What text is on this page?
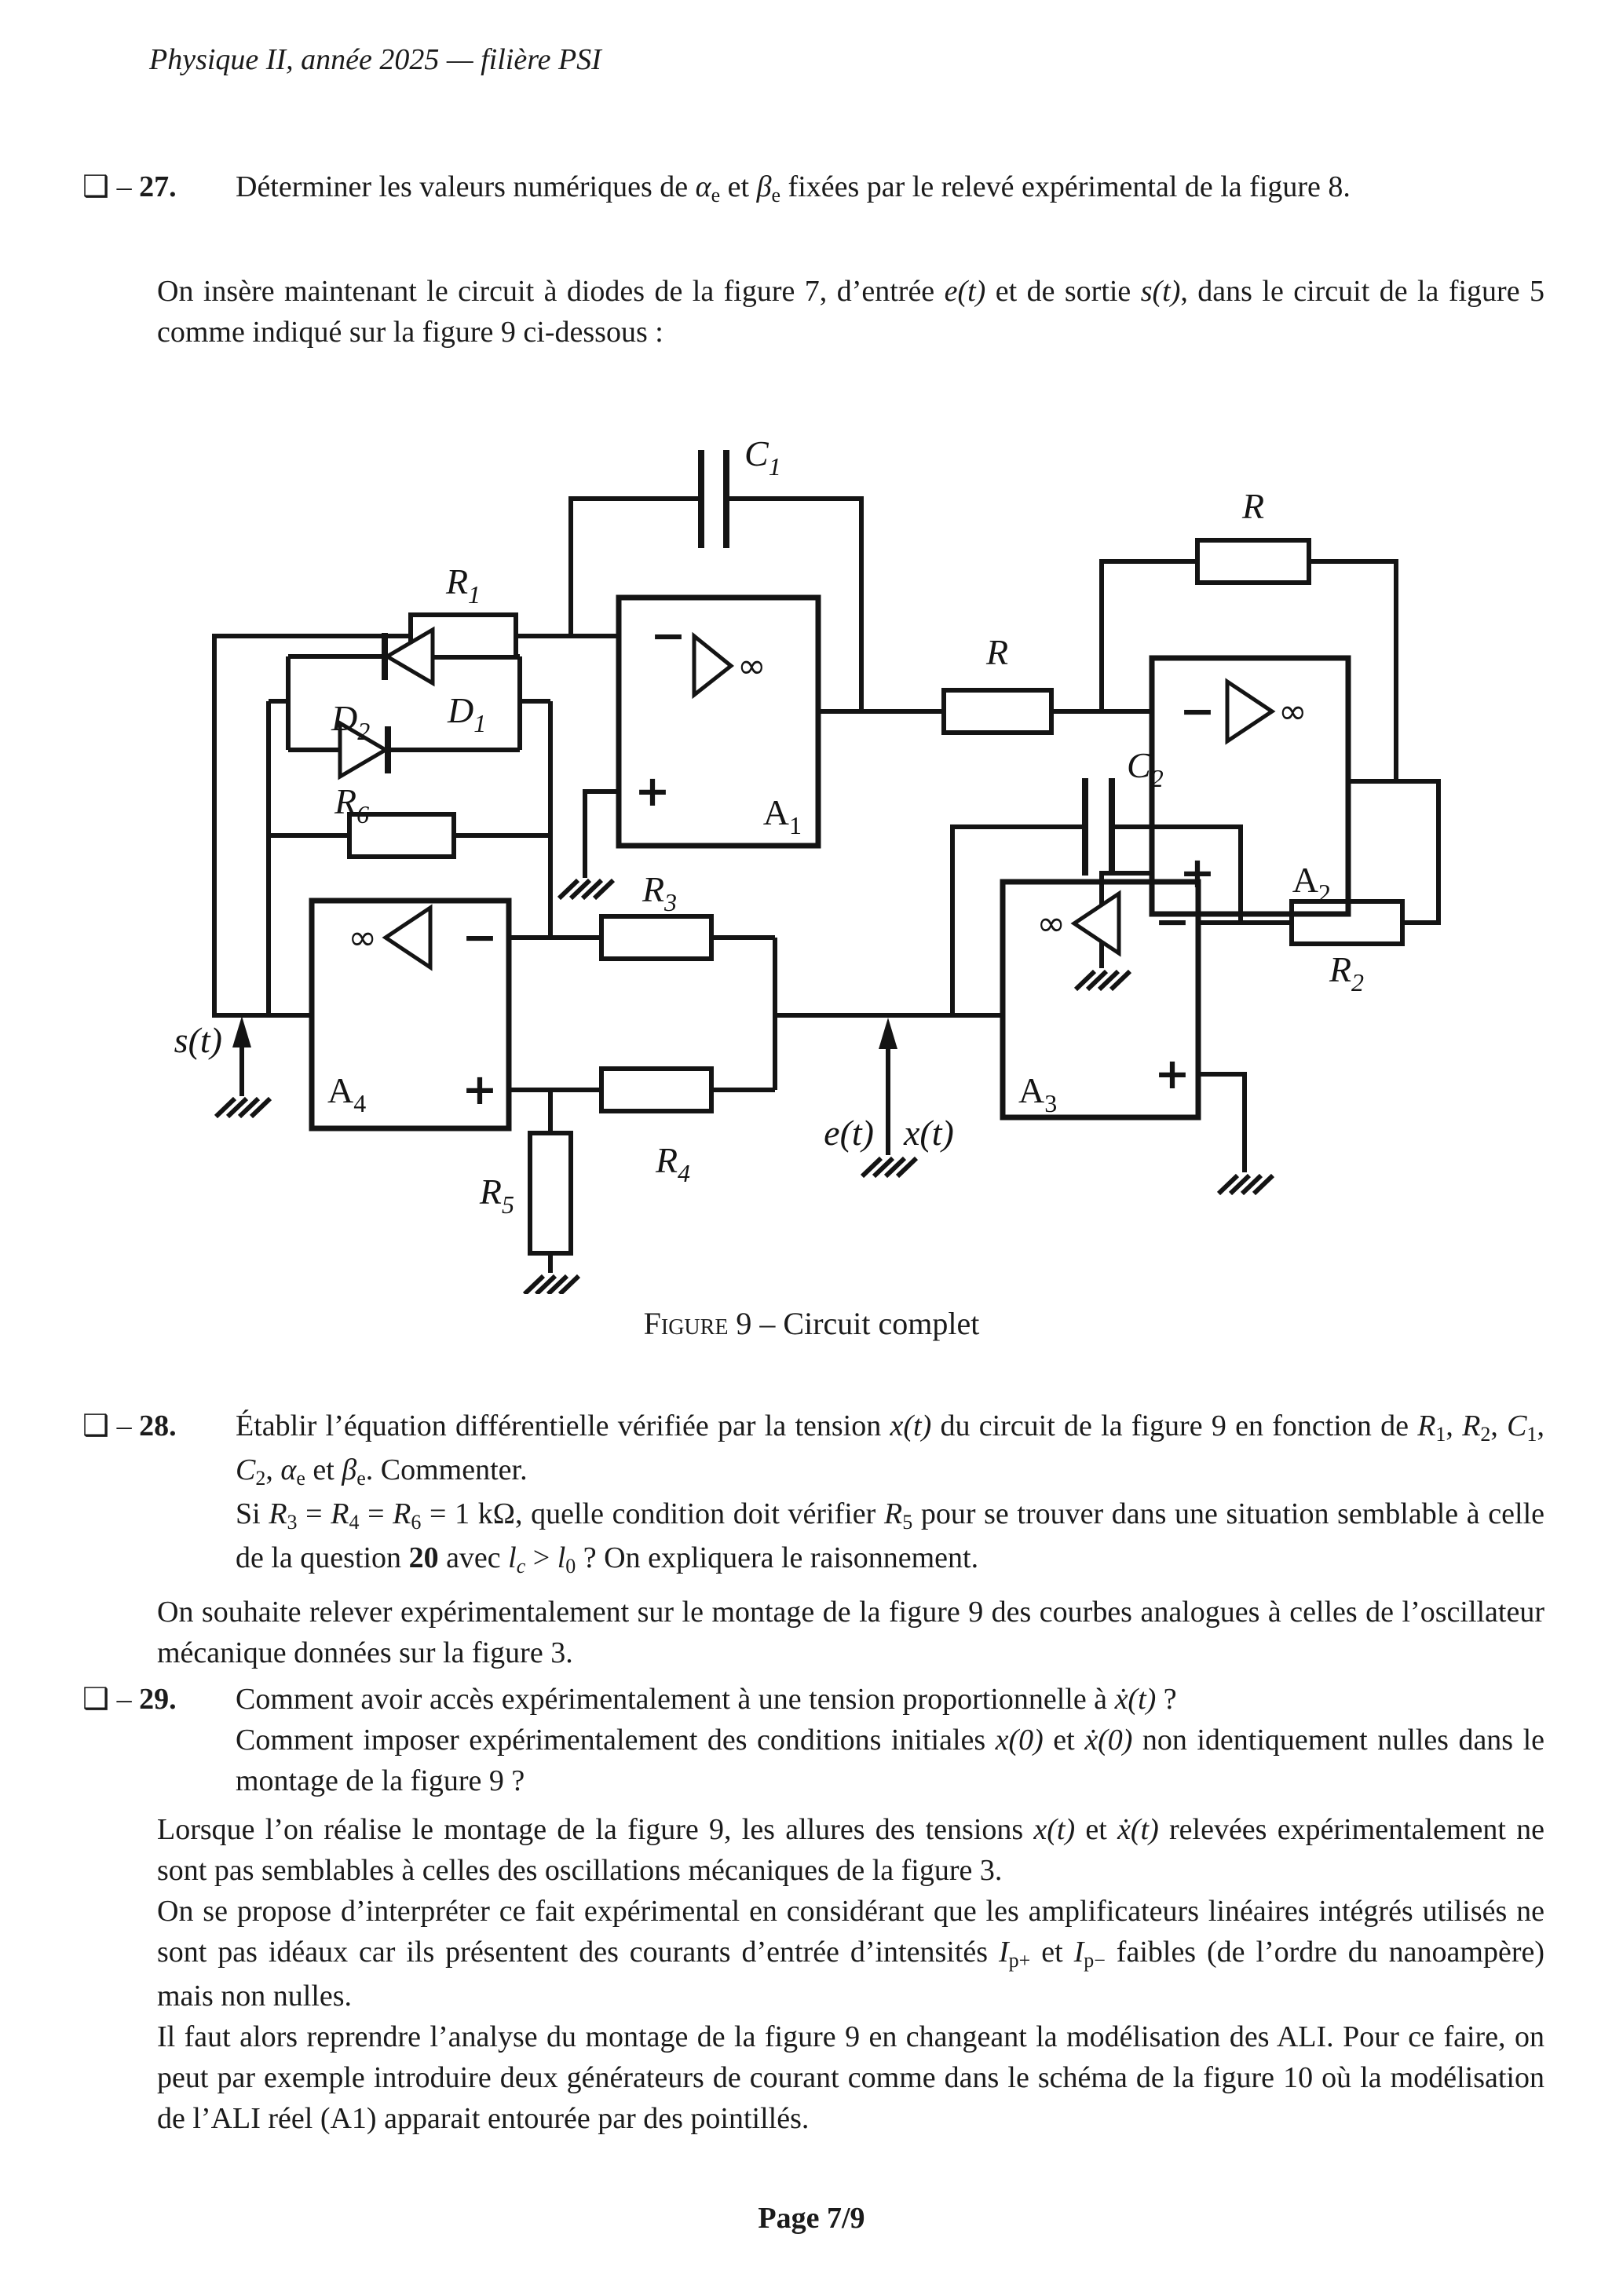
Physique II, année 2025 — filière PSI
❑ – 27. Déterminer les valeurs numériques de αe et βe fixées par le relevé expérimental de la figure 8.
On insère maintenant le circuit à diodes de la figure 7, d’entrée e(t) et de sortie s(t), dans le circuit de la figure 5 comme indiqué sur la figure 9 ci-dessous :
−
+
∞
$A_1$
−
+
∞
$A_2$
−
+
∞
$A_3$
−
+
∞
$A_4$
$R_1$
$C_1$
R
R
$R_2$
$R_3$
$R_4$
$R_5$
$R_6$
$C_2$
$D_1$
$D_2$
s(t)
e(t) x(t)
Figure 9 – Circuit complet
❑ – 28. Établir l’équation différentielle vérifiée par la tension x(t) du circuit de la figure 9 en fonction de R1, R2, C1, C2, αe et βe. Commenter.

Si R3 = R4 = R6 = 1 kΩ, quelle condition doit vérifier R5 pour se trouver dans une situation semblable à celle de la question 20 avec lc > l0 ? On expliquera le raisonnement.

On souhaite relever expérimentalement sur le montage de la figure 9 des courbes analogues à celles de l’oscillateur mécanique données sur la figure 3.
❑ – 29. Comment avoir accès expérimentalement à une tension proportionnelle à ẋ(t) ?

Comment imposer expérimentalement des conditions initiales x(0) et ẋ(0) non identiquement nulles dans le montage de la figure 9 ?

Lorsque l’on réalise le montage de la figure 9, les allures des tensions x(t) et ẋ(t) relevées expérimentalement ne sont pas semblables à celles des oscillations mécaniques de la figure 3.

On se propose d’interpréter ce fait expérimental en considérant que les amplificateurs linéaires intégrés utilisés ne sont pas idéaux car ils présentent des courants d’entrée d’intensités Ip+ et Ip− faibles (de l’ordre du nanoampère) mais non nulles.

Il faut alors reprendre l’analyse du montage de la figure 9 en changeant la modélisation des ALI. Pour ce faire, on peut par exemple introduire deux générateurs de courant comme dans le schéma de la figure 10 où la modélisation de l’ALI réel (A1) apparait entourée par des pointillés.

Page 7/9
